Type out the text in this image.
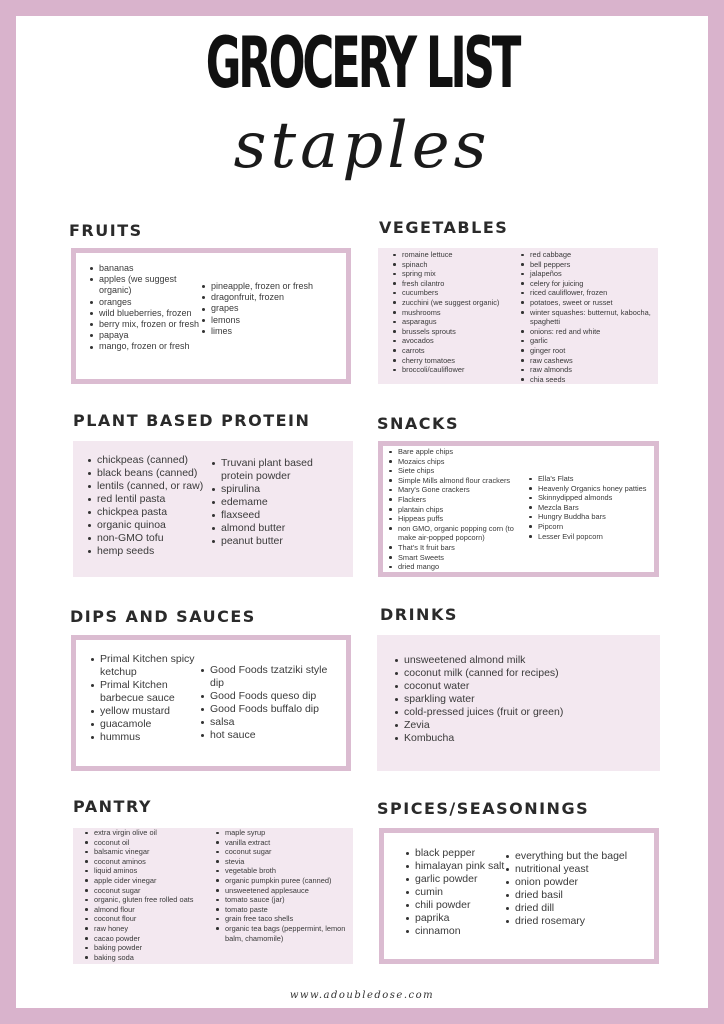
GROCERY LIST
staples
FRUITS
bananas
apples (we suggest organic)
oranges
wild blueberries, frozen
berry mix, frozen or fresh
papaya
mango, frozen or fresh
pineapple, frozen or fresh
dragonfruit, frozen
grapes
lemons
limes
VEGETABLES
romaine lettuce
spinach
spring mix
fresh cilantro
cucumbers
zucchini (we suggest organic)
mushrooms
asparagus
brussels sprouts
avocados
carrots
cherry tomatoes
broccoli/cauliflower
red cabbage
bell peppers
jalapeños
celery for juicing
riced cauliflower, frozen
potatoes, sweet or russet
winter squashes: butternut, kabocha, spaghetti
onions: red and white
garlic
ginger root
raw cashews
raw almonds
chia seeds
PLANT BASED PROTEIN
chickpeas (canned)
black beans (canned)
lentils (canned, or raw)
red lentil pasta
chickpea pasta
organic quinoa
non-GMO tofu
hemp seeds
Truvani plant based protein powder
spirulina
edemame
flaxseed
almond butter
peanut butter
SNACKS
Bare apple chips
Mozaics chips
Siete chips
Simple Mills almond flour crackers
Mary's Gone crackers
Flackers
plantain chips
Hippeas puffs
non GMO, organic popping corn (to make air-popped popcorn)
That's It fruit bars
Smart Sweets
dried mango
Ella's Flats
Heavenly Organics honey patties
Skinnydipped almonds
Mezcla Bars
Hungry Buddha bars
Pipcorn
Lesser Evil popcorn
DIPS AND SAUCES
Primal Kitchen spicy ketchup
Primal Kitchen barbecue sauce
yellow mustard
guacamole
hummus
Good Foods tzatziki style dip
Good Foods queso dip
Good Foods buffalo dip
salsa
hot sauce
DRINKS
unsweetened almond milk
coconut milk (canned for recipes)
coconut water
sparkling water
cold-pressed juices (fruit or green)
Zevia
Kombucha
PANTRY
extra virgin olive oil
coconut oil
balsamic vinegar
coconut aminos
liquid aminos
apple cider vinegar
coconut sugar
organic, gluten free rolled oats
almond flour
coconut flour
raw honey
cacao powder
baking powder
baking soda
maple syrup
vanilla extract
coconut sugar
stevia
vegetable broth
organic pumpkin puree (canned)
unsweetened applesauce
tomato sauce (jar)
tomato paste
grain free taco shells
organic tea bags (peppermint, lemon balm, chamomile)
SPICES/SEASONINGS
black pepper
himalayan pink salt
garlic powder
cumin
chili powder
paprika
cinnamon
everything but the bagel
nutritional yeast
onion powder
dried basil
dried dill
dried rosemary
www.adoubledose.com
